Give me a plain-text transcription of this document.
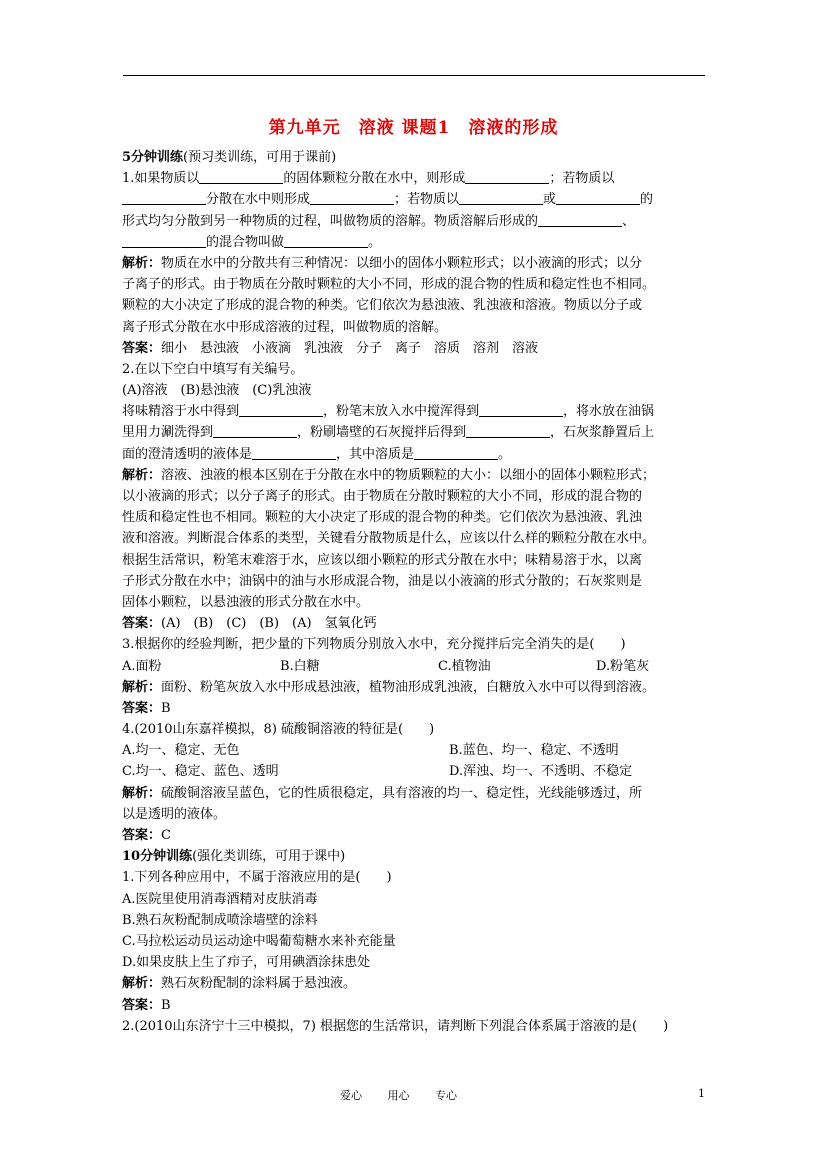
第九单元　溶液 课题1　溶液的形成
5分钟训练(预习类训练，可用于课前)
1.如果物质以	的固体颗粒分散在水中，则形成	；若物质以
分散在水中则形成	；若物质以	或	的
形式均匀分散到另一种物质的过程，叫做物质的溶解。物质溶解后形成的	、
的混合物叫做	。
解析：物质在水中的分散共有三种情况：以细小的固体小颗粒形式；以小液滴的形式；以分
子离子的形式。由于物质在分散时颗粒的大小不同，形成的混合物的性质和稳定性也不相同。
颗粒的大小决定了形成的混合物的种类。它们依次为悬浊液、乳浊液和溶液。物质以分子或
离子形式分散在水中形成溶液的过程，叫做物质的溶解。
答案：细小　悬浊液　小液滴　乳浊液　分子　离子　溶质　溶剂　溶液
2.在以下空白中填写有关编号。
(A)溶液　(B)悬浊液　(C)乳浊液
将味精溶于水中得到	，粉笔末放入水中搅浑得到	，将水放在油锅
里用力涮洗得到	，粉刷墙壁的石灰搅拌后得到	，石灰浆静置后上
面的澄清透明的液体是	，其中溶质是	。
解析：溶液、浊液的根本区别在于分散在水中的物质颗粒的大小：以细小的固体小颗粒形式；
以小液滴的形式；以分子离子的形式。由于物质在分散时颗粒的大小不同，形成的混合物的
性质和稳定性也不相同。颗粒的大小决定了形成的混合物的种类。它们依次为悬浊液、乳浊
液和溶液。判断混合体系的类型，关键看分散物质是什么，应该以什么样的颗粒分散在水中。
根据生活常识，粉笔末难溶于水，应该以细小颗粒的形式分散在水中；味精易溶于水，以离
子形式分散在水中；油锅中的油与水形成混合物，油是以小液滴的形式分散的；石灰浆则是
固体小颗粒，以悬浊液的形式分散在水中。
答案：(A)　(B)　(C)　(B)　(A)　氢氧化钙
3.根据你的经验判断，把少量的下列物质分别放入水中，充分搅拌后完全消失的是(　　)
A.面粉	B.白糖	C.植物油	D.粉笔灰
解析：面粉、粉笔灰放入水中形成悬浊液，植物油形成乳浊液，白糖放入水中可以得到溶液。
答案：B
4.(2010山东嘉祥模拟，8) 硫酸铜溶液的特征是(　　)
A.均一、稳定、无色	B.蓝色、均一、稳定、不透明
C.均一、稳定、蓝色、透明	D.浑浊、均一、不透明、不稳定
解析：硫酸铜溶液呈蓝色，它的性质很稳定，具有溶液的均一、稳定性，光线能够透过，所
以是透明的液体。
答案：C
10分钟训练(强化类训练，可用于课中)
1.下列各种应用中，不属于溶液应用的是(　　)
A.医院里使用消毒酒精对皮肤消毒
B.熟石灰粉配制成喷涂墙壁的涂料
C.马拉松运动员运动途中喝葡萄糖水来补充能量
D.如果皮肤上生了疖子，可用碘酒涂抹患处
解析：熟石灰粉配制的涂料属于悬浊液。
答案：B
2.(2010山东济宁十三中模拟，7) 根据您的生活常识，请判断下列混合体系属于溶液的是(　　)
爱心 用心 专心	1
